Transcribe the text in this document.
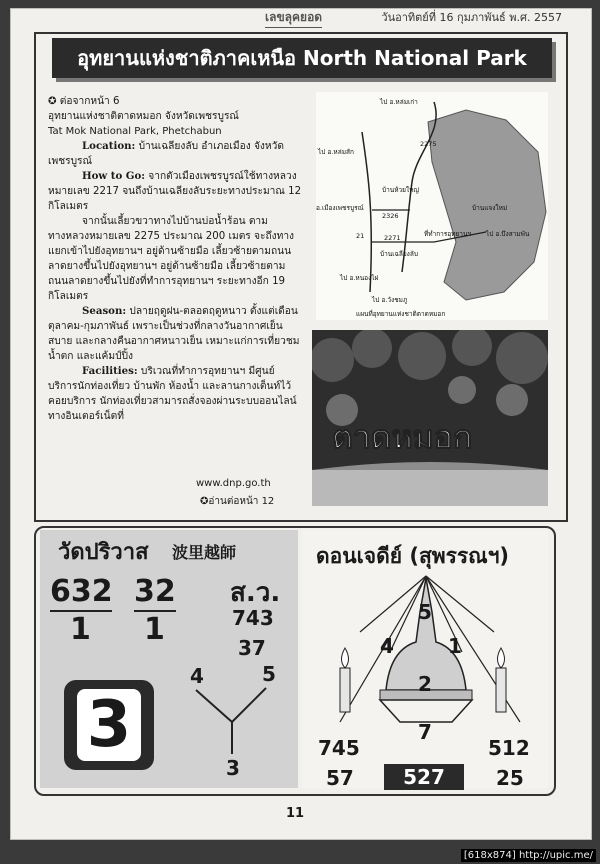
เลขลุคยอด	วันอาทิตย์ที่ 16 กุมภาพันธ์ พ.ศ. 2557
อุทยานแห่งชาติภาคเหนือ North National Park

✪ ต่อจากหน้า 6

อุทยานแห่งชาติตาดหมอก จังหวัดเพชรบูรณ์

Tat Mok National Park, Phetchabun

Location: บ้านเฉลียงลับ อำเภอเมือง จังหวัดเพชรบูรณ์

How to Go: จากตัวเมืองเพชรบูรณ์ใช้ทางหลวงหมายเลข 2217 จนถึงบ้านเฉลียงลับระยะทางประมาณ 12 กิโลเมตร

จากนั้นเลี้ยวขวาทางไปบ้านบ่อน้ำร้อน ตามทางหลวงหมายเลข 2275 ประมาณ 200 เมตร จะถึงทางแยกเข้าไปยังอุทยานฯ อยู่ด้านซ้ายมือ เลี้ยวซ้ายตามถนนลาดยางขึ้นไปยังอุทยานฯ อยู่ด้านซ้ายมือ เลี้ยวซ้ายตามถนนลาดยางขึ้นไปยังที่ทำการอุทยานฯ ระยะทางอีก 19 กิโลเมตร

Season: ปลายฤดูฝน-ตลอดฤดูหนาว ตั้งแต่เดือนตุลาคม-กุมภาพันธ์ เพราะเป็นช่วงที่กลางวันอากาศเย็นสบาย และกลางคืนอากาศหนาวเย็น เหมาะแก่การเที่ยวชมน้ำตก และแค้มป์ปิ้ง

Facilities: บริเวณที่ทำการอุทยานฯ มีศูนย์บริการนักท่องเที่ยว บ้านพัก ห้องน้ำ และลานกางเต็นท์ไว้คอยบริการ นักท่องเที่ยวสามารถสั่งจองผ่านระบบออนไลน์ทางอินเตอร์เน็ตที่

www.dnp.go.th
✪อ่านต่อหน้า 12
ไป อ.หล่มเก่า
ไป อ.หล่มสัก
2275
บ้านห้วยใหญ่
อ.เมืองเพชรบูรณ์
2326
บ้านแจงใหม่
21	2271
บ้านเฉลียงลับ
ไป อ.หนองไผ่
ไป อ.วังชมภู
ที่ทำการอุทยานฯ ไป อ.บึงสามพัน
แผนที่อุทยานแห่งชาติตาดหมอก
ตาดหมอก
วัดปริวาส 波里越師
632
1
32
1
ส.ว.
743
37
4	5
3
3
ดอนเจดีย์ (สุพรรณฯ)
5
4	1
2
7
745
57
512
25
527
11
[618x874] http://upic.me/
